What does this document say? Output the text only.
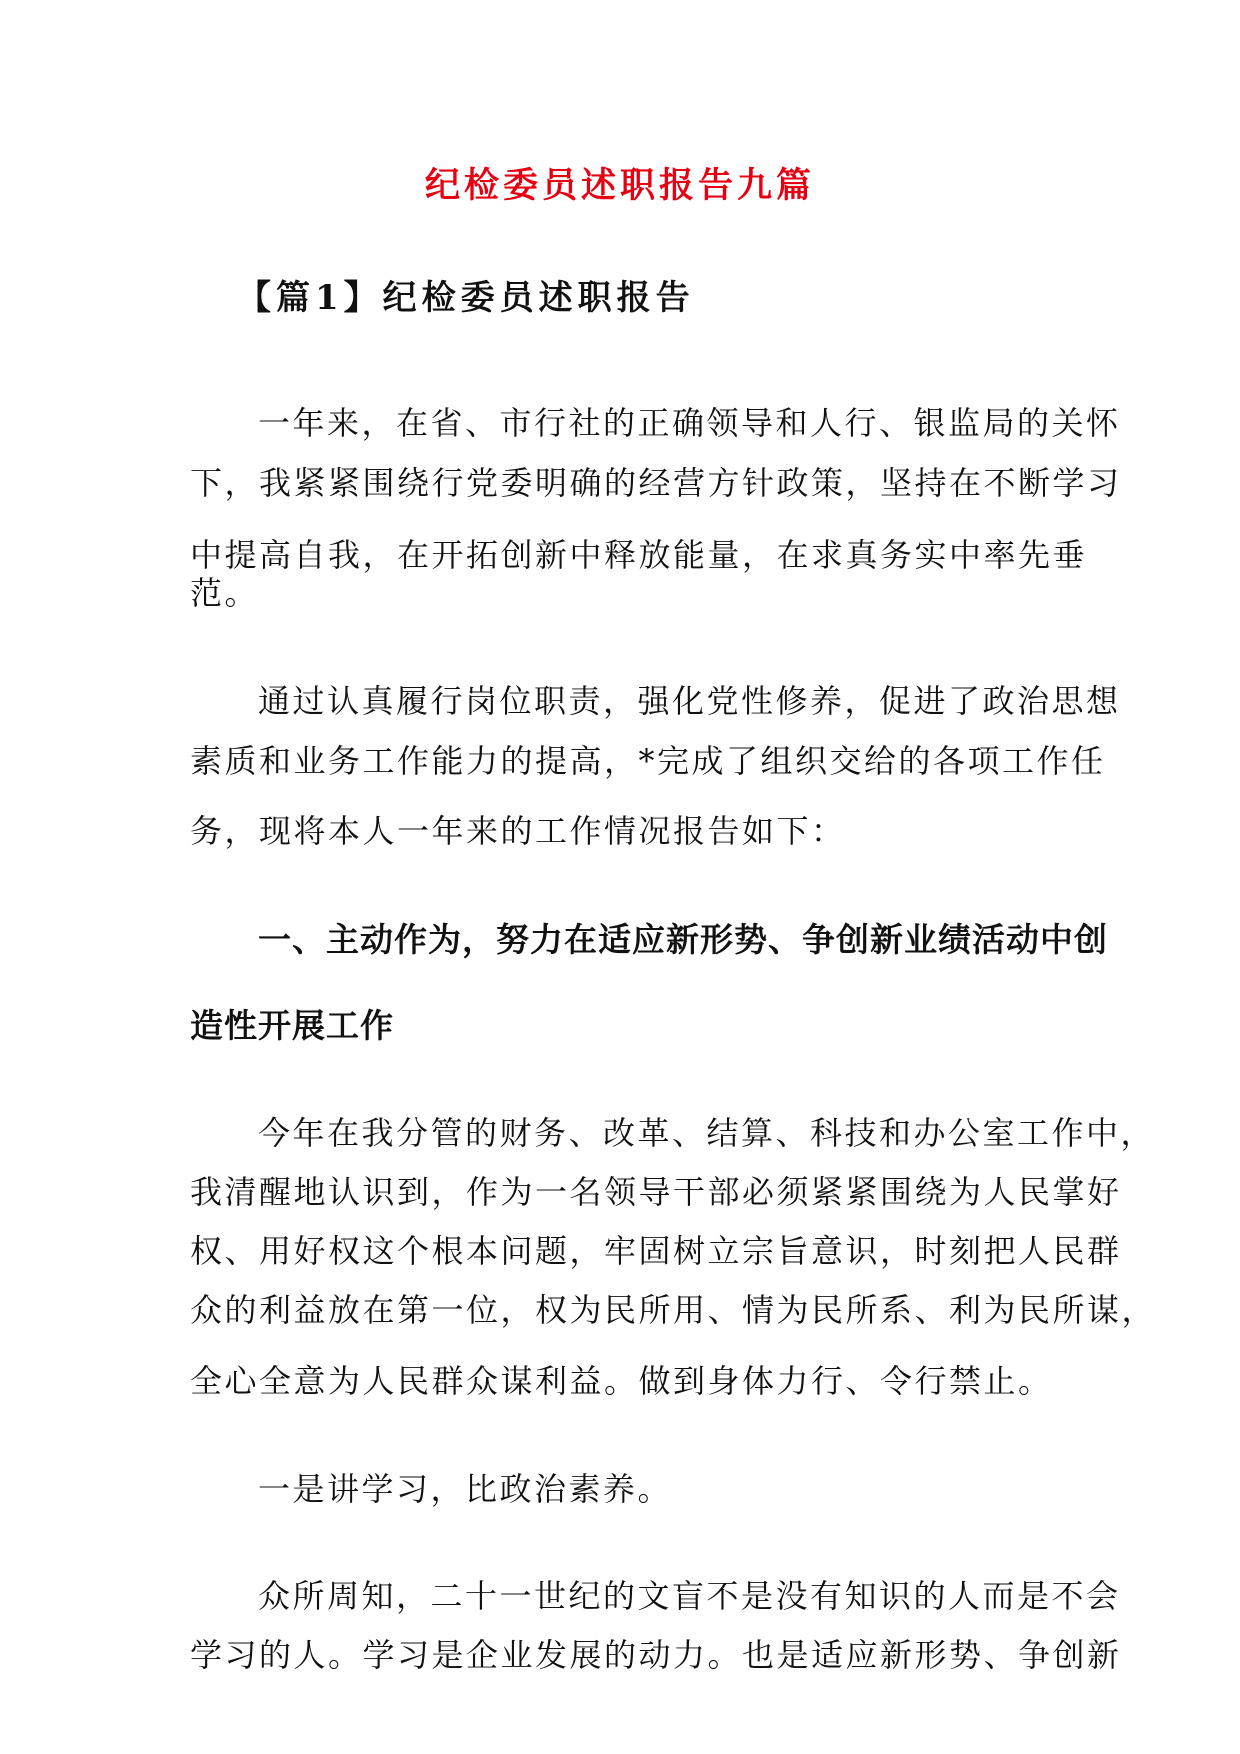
纪检委员述职报告九篇
【篇1】纪检委员述职报告

一年来，在省、市行社的正确领导和人行、银监局的关怀

下，我紧紧围绕行党委明确的经营方针政策，坚持在不断学习

中提高自我，在开拓创新中释放能量，在求真务实中率先垂

范。

通过认真履行岗位职责，强化党性修养，促进了政治思想

素质和业务工作能力的提高，*完成了组织交给的各项工作任

务，现将本人一年来的工作情况报告如下：

一、主动作为，努力在适应新形势、争创新业绩活动中创

造性开展工作

今年在我分管的财务、改革、结算、科技和办公室工作中，

我清醒地认识到，作为一名领导干部必须紧紧围绕为人民掌好

权、用好权这个根本问题，牢固树立宗旨意识，时刻把人民群

众的利益放在第一位，权为民所用、情为民所系、利为民所谋，

全心全意为人民群众谋利益。做到身体力行、令行禁止。

一是讲学习，比政治素养。

众所周知，二十一世纪的文盲不是没有知识的人而是不会

学习的人。学习是企业发展的动力。也是适应新形势、争创新
